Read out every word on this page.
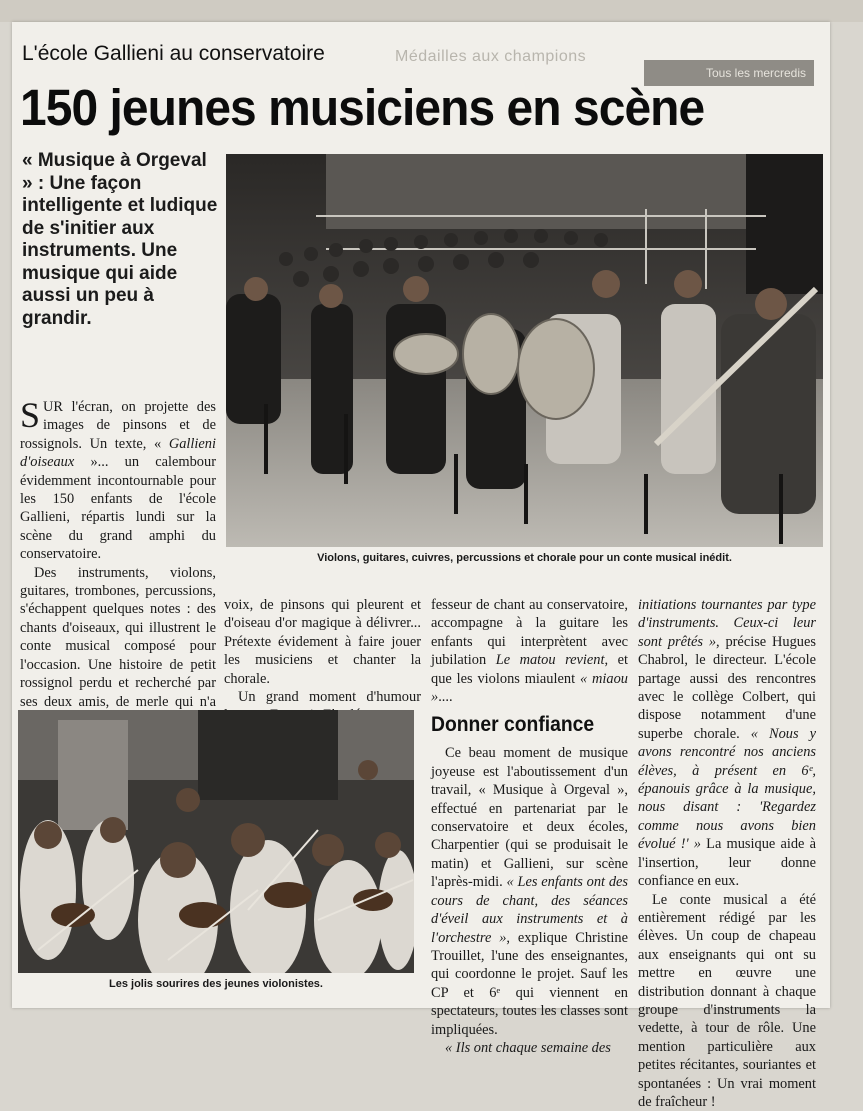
Médailles aux champions
Tous les mercredis
L'école Gallieni au conservatoire
150 jeunes musiciens en scène
« Musique à Orgeval » : Une façon intelligente et ludique de s'initier aux instruments. Une musique qui aide aussi un peu à grandir.
Violons, guitares, cuivres, percussions et chorale pour un conte musical inédit.

SUR l'écran, on projette des images de pinsons et de rossignols. Un texte, « Gallieni d'oiseaux »... un calembour évidemment incontournable pour les 150 enfants de l'école Gallieni, répartis lundi sur la scène du grand amphi du conservatoire.

Des instruments, violons, guitares, trombones, percussions, s'échappent quelques notes : des chants d'oiseaux, qui illustrent le conte musical composé pour l'occasion. Une histoire de petit rossignol perdu et recherché par ses deux amis, de merle qui n'a

voix, de pinsons qui pleurent et d'oiseau d'or magique à délivrer... Prétexte évidement à faire jouer les musiciens et chanter la chorale.

Un grand moment d'humour

fesseur de chant au conservatoire, accompagne à la guitare les enfants qui interprètent avec jubilation Le matou revient, et que les violons miaulent « miaou »....

Donner confiance

Ce beau moment de musique joyeuse est l'aboutissement d'un travail, « Musique à Orgeval », effectué en partenariat par le conservatoire et deux écoles, Charpentier (qui se produisait le matin) et Gallieni, sur scène l'après-midi. « Les enfants ont des cours de chant, des séances d'éveil aux instruments et à l'orchestre », explique Christine Trouillet, l'une des enseignantes, qui coordonne le projet. Sauf les CP et 6ᵉ qui viennent en spectateurs, toutes les classes sont impliquées.

« Ils ont chaque semaine des

initiations tournantes par type d'instruments. Ceux-ci leur sont prêtés », précise Hugues Chabrol, le directeur. L'école partage aussi des rencontres avec le collège Colbert, qui dispose notamment d'une superbe chorale. « Nous y avons rencontré nos anciens élèves, à présent en 6ᵉ, épanouis grâce à la musique, nous disant : 'Regardez comme nous avons bien évolué !' » La musique aide à l'insertion, leur donne confiance en eux.

Le conte musical a été entièrement rédigé par les élèves. Un coup de chapeau aux enseignants qui ont su mettre en œuvre une distribution donnant à chaque groupe d'instruments la vedette, à tour de rôle. Une mention particulière aux petites récitantes, souriantes et spontanées : Un vrai moment de fraîcheur !

Les jolis sourires des jeunes violonistes.
